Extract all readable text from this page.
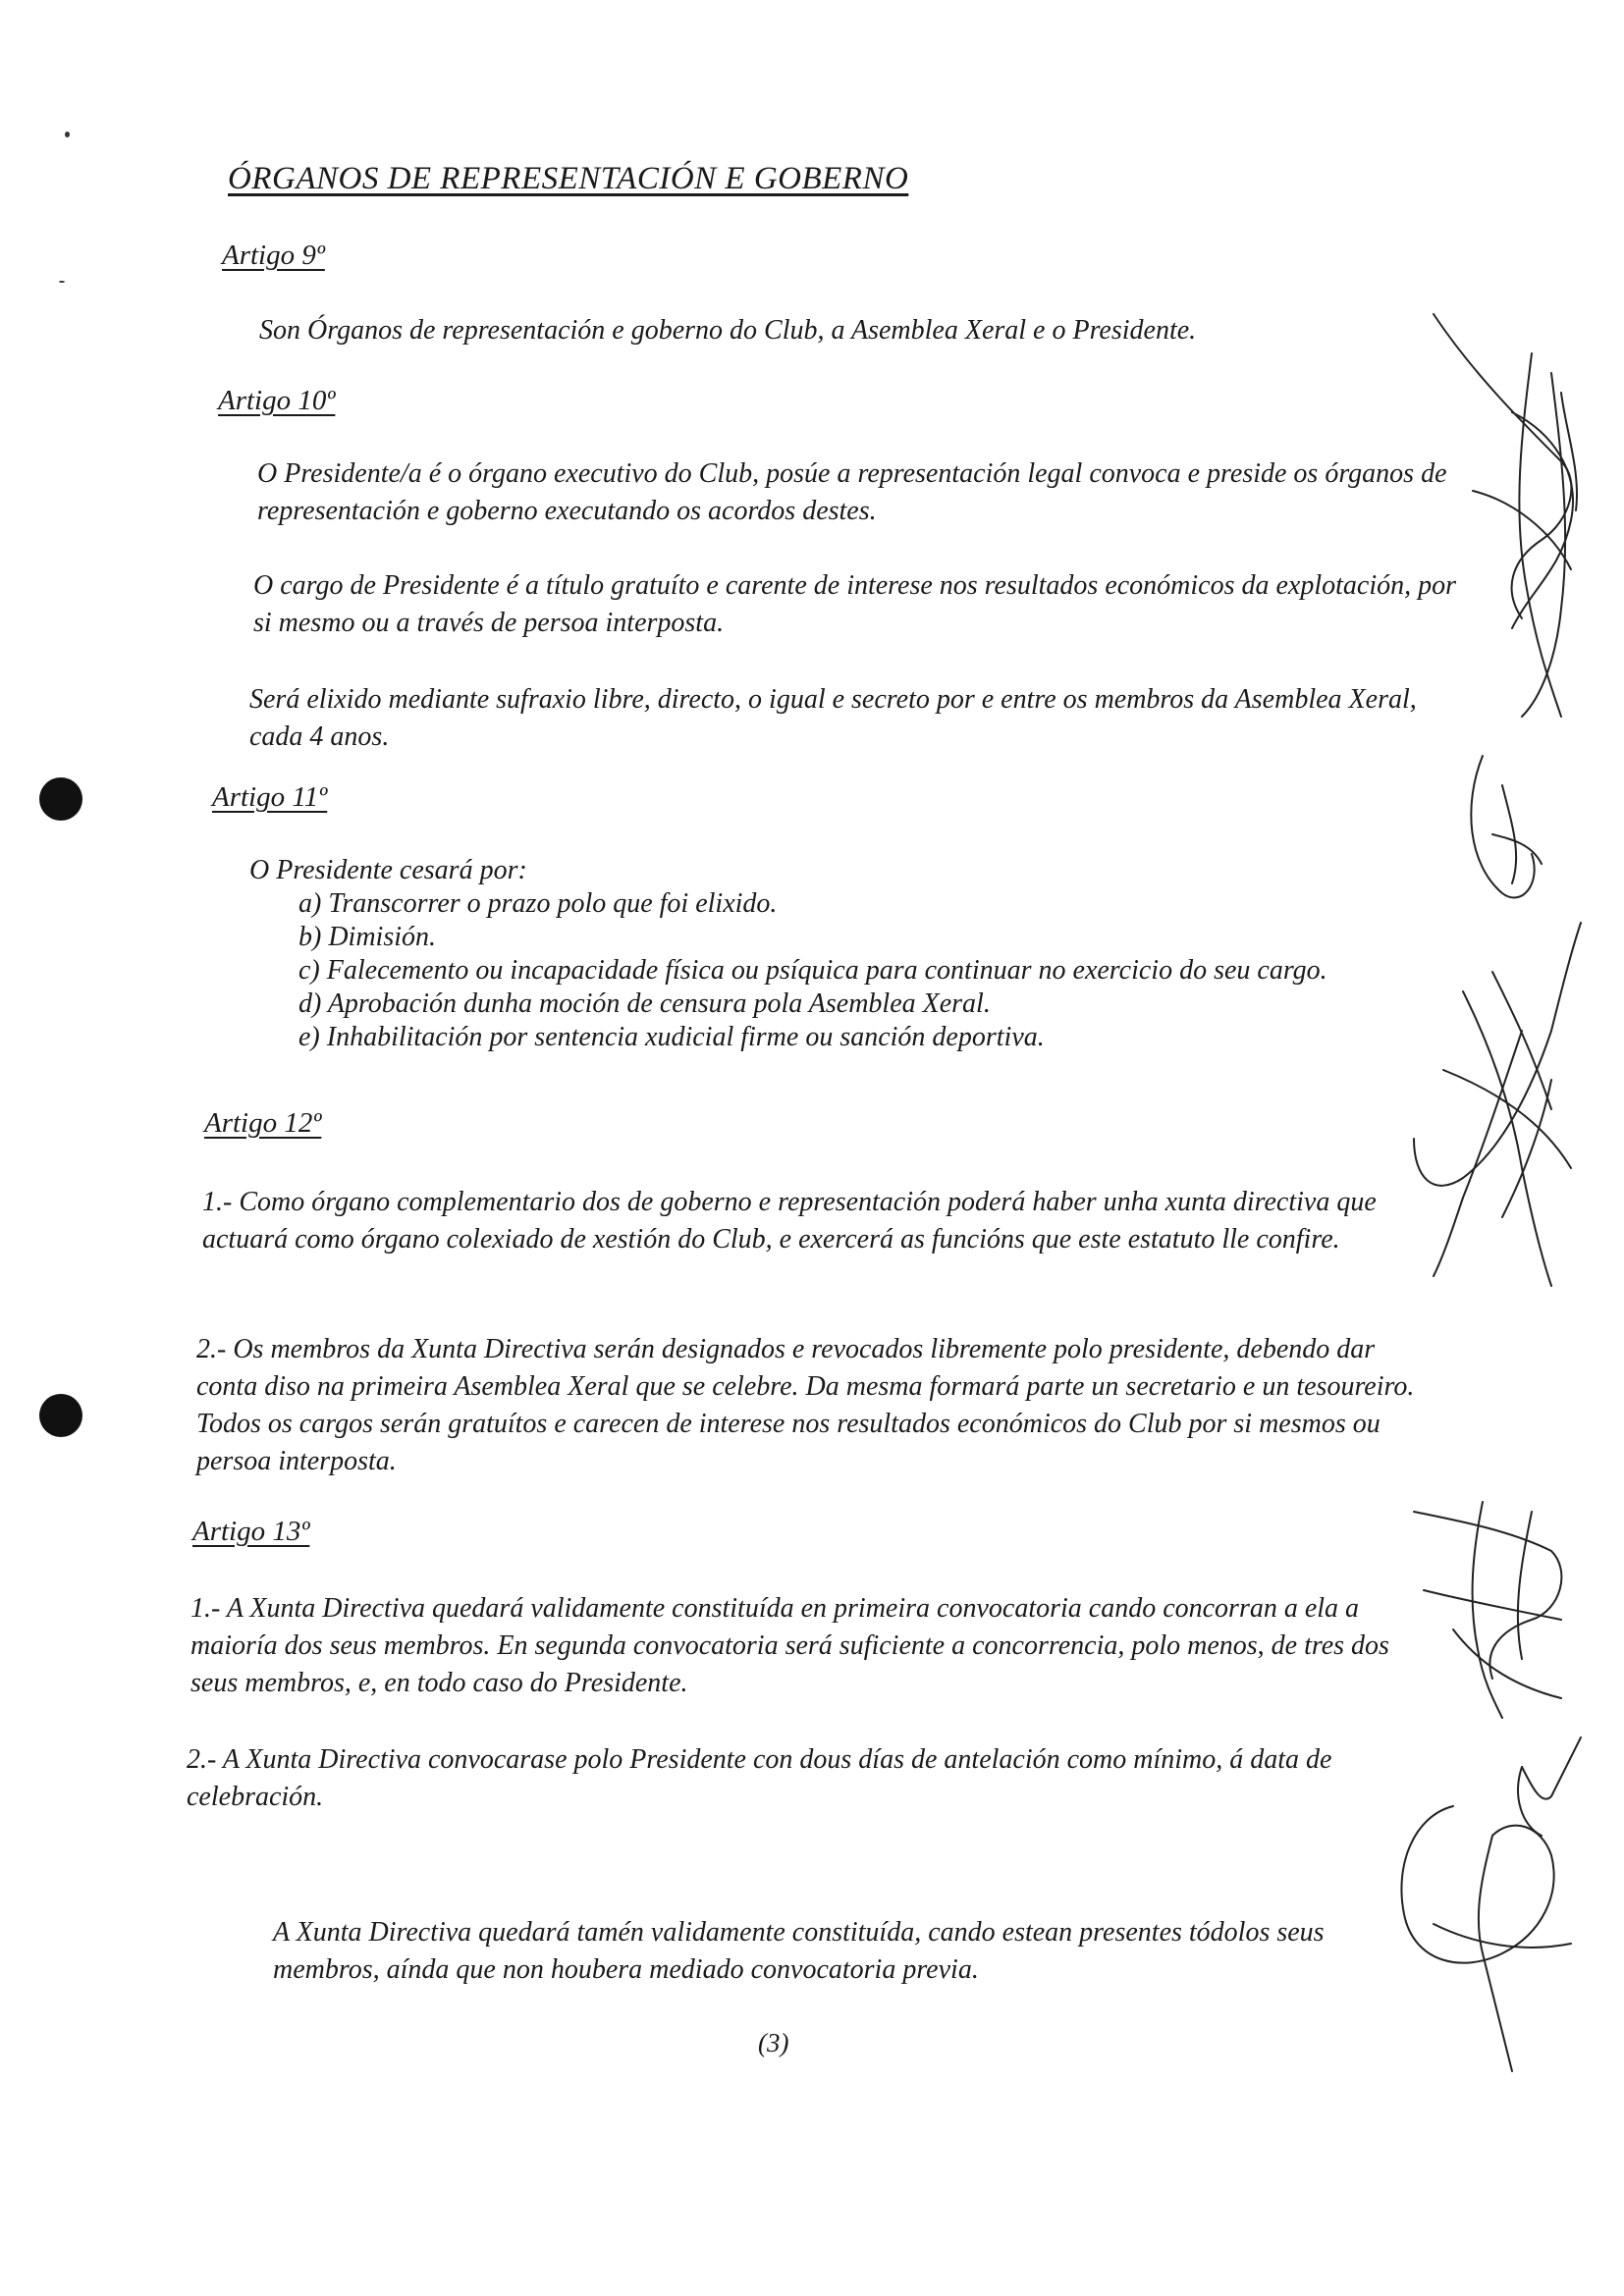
ÓRGANOS DE REPRESENTACIÓN E GOBERNO
Artigo 9º

Son Órganos de representación e goberno do Club, a Asemblea Xeral e o Presidente.

Artigo 10º

O Presidente/a é o órgano executivo do Club, posúe a representación legal convoca e preside os órganos de representación e goberno executando os acordos destes.

O cargo de Presidente é a título gratuíto e carente de interese nos resultados económicos da explotación, por si mesmo ou a través de persoa interposta.

Será elixido mediante sufraxio libre, directo, o igual e secreto por e entre os membros da Asemblea Xeral, cada 4 anos.

Artigo 11º
O Presidente cesará por:
a) Transcorrer o prazo polo que foi elixido.
b) Dimisión.
c) Falecemento ou incapacidade física ou psíquica para continuar no exercicio do seu cargo.
d) Aprobación dunha moción de censura pola Asemblea Xeral.
e) Inhabilitación por sentencia xudicial firme ou sanción deportiva.
Artigo 12º

1.- Como órgano complementario dos de goberno e representación poderá haber unha xunta directiva que actuará como órgano colexiado de xestión do Club, e exercerá as funcións que este estatuto lle confire.

2.- Os membros da Xunta Directiva serán designados e revocados libremente polo presidente, debendo dar conta diso na primeira Asemblea Xeral que se celebre. Da mesma formará parte un secretario e un tesoureiro. Todos os cargos serán gratuítos e carecen de interese nos resultados económicos do Club por si mesmos ou persoa interposta.

Artigo 13º

1.- A Xunta Directiva quedará validamente constituída en primeira convocatoria cando concorran a ela a maioría dos seus membros. En segunda convocatoria será suficiente a concorrencia, polo menos, de tres dos seus membros, e, en todo caso do Presidente.

2.- A Xunta Directiva convocarase polo Presidente con dous días de antelación como mínimo, á data de celebración.

A Xunta Directiva quedará tamén validamente constituída, cando estean presentes tódolos seus membros, aínda que non houbera mediado convocatoria previa.

(3)
